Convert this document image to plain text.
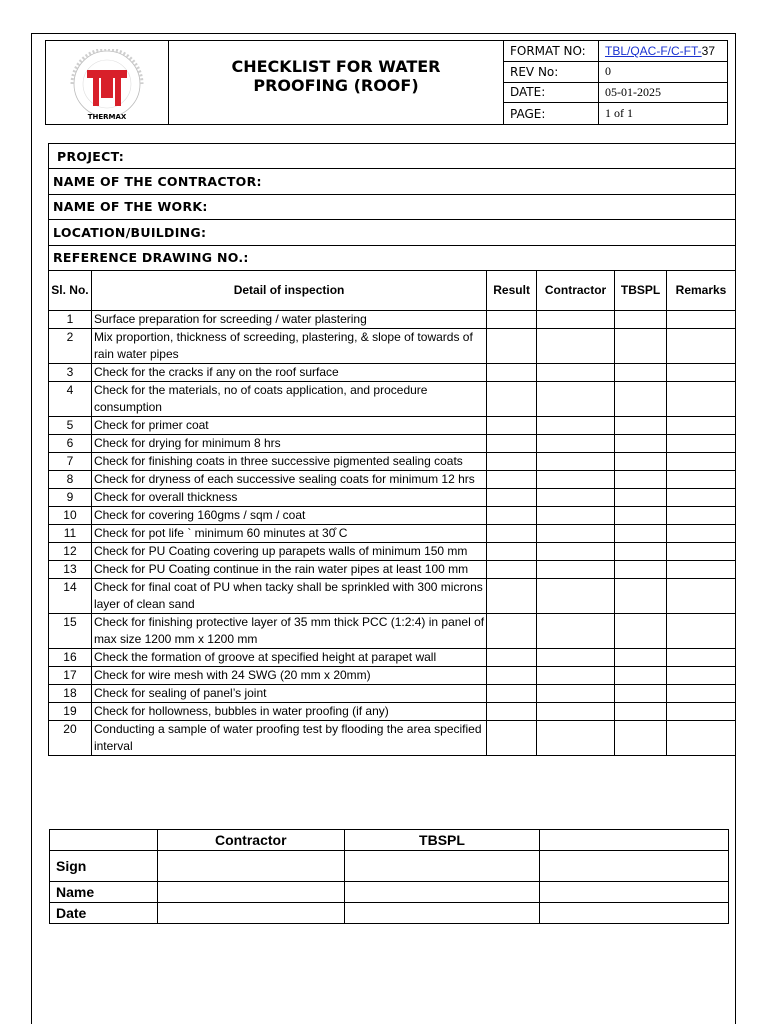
THERMAX
CHECKLIST FOR WATER PROOFING (ROOF)
FORMAT NO:	TBL/QAC-F/C-FT- 37
REV No:	0
DATE:	05-01-2025
PAGE:	1 of 1
PROJECT:
NAME OF THE CONTRACTOR:
NAME OF THE WORK:
LOCATION/BUILDING:
REFERENCE DRAWING NO.:
Sl. No.	Detail of inspection	Result	Contractor	TBSPL	Remarks
1	Surface preparation for screeding / water plastering				
2	Mix proportion, thickness of screeding, plastering, & slope of towards of rain water pipes				
3	Check for the cracks if any on the roof surface				
4	Check for the materials, no of coats application, and procedure consumption				
5	Check for primer coat				
6	Check for drying for minimum 8 hrs				
7	Check for finishing coats in three successive pigmented sealing coats				
8	Check for dryness of each successive sealing coats for minimum 12 hrs				
9	Check for overall thickness				
10	Check for covering 160gms / sqm / coat				
11	Check for pot life ` minimum 60 minutes at 30̊ C				
12	Check for PU Coating covering up parapets walls of minimum 150 mm				
13	Check for PU Coating continue in the rain water pipes at least 100 mm				
14	Check for final coat of PU when tacky shall be sprinkled with 300 microns layer of clean sand				
15	Check for finishing protective layer of 35 mm thick PCC (1:2:4) in panel of max size 1200 mm x 1200 mm				
16	Check the formation of groove at specified height at parapet wall				
17	Check for wire mesh with 24 SWG (20 mm x 20mm)				
18	Check for sealing of panel’s joint				
19	Check for hollowness, bubbles in water proofing (if any)				
20	Conducting a sample of water proofing test by flooding the area specified interval				
	Contractor	TBSPL	
Sign			
Name			
Date			
